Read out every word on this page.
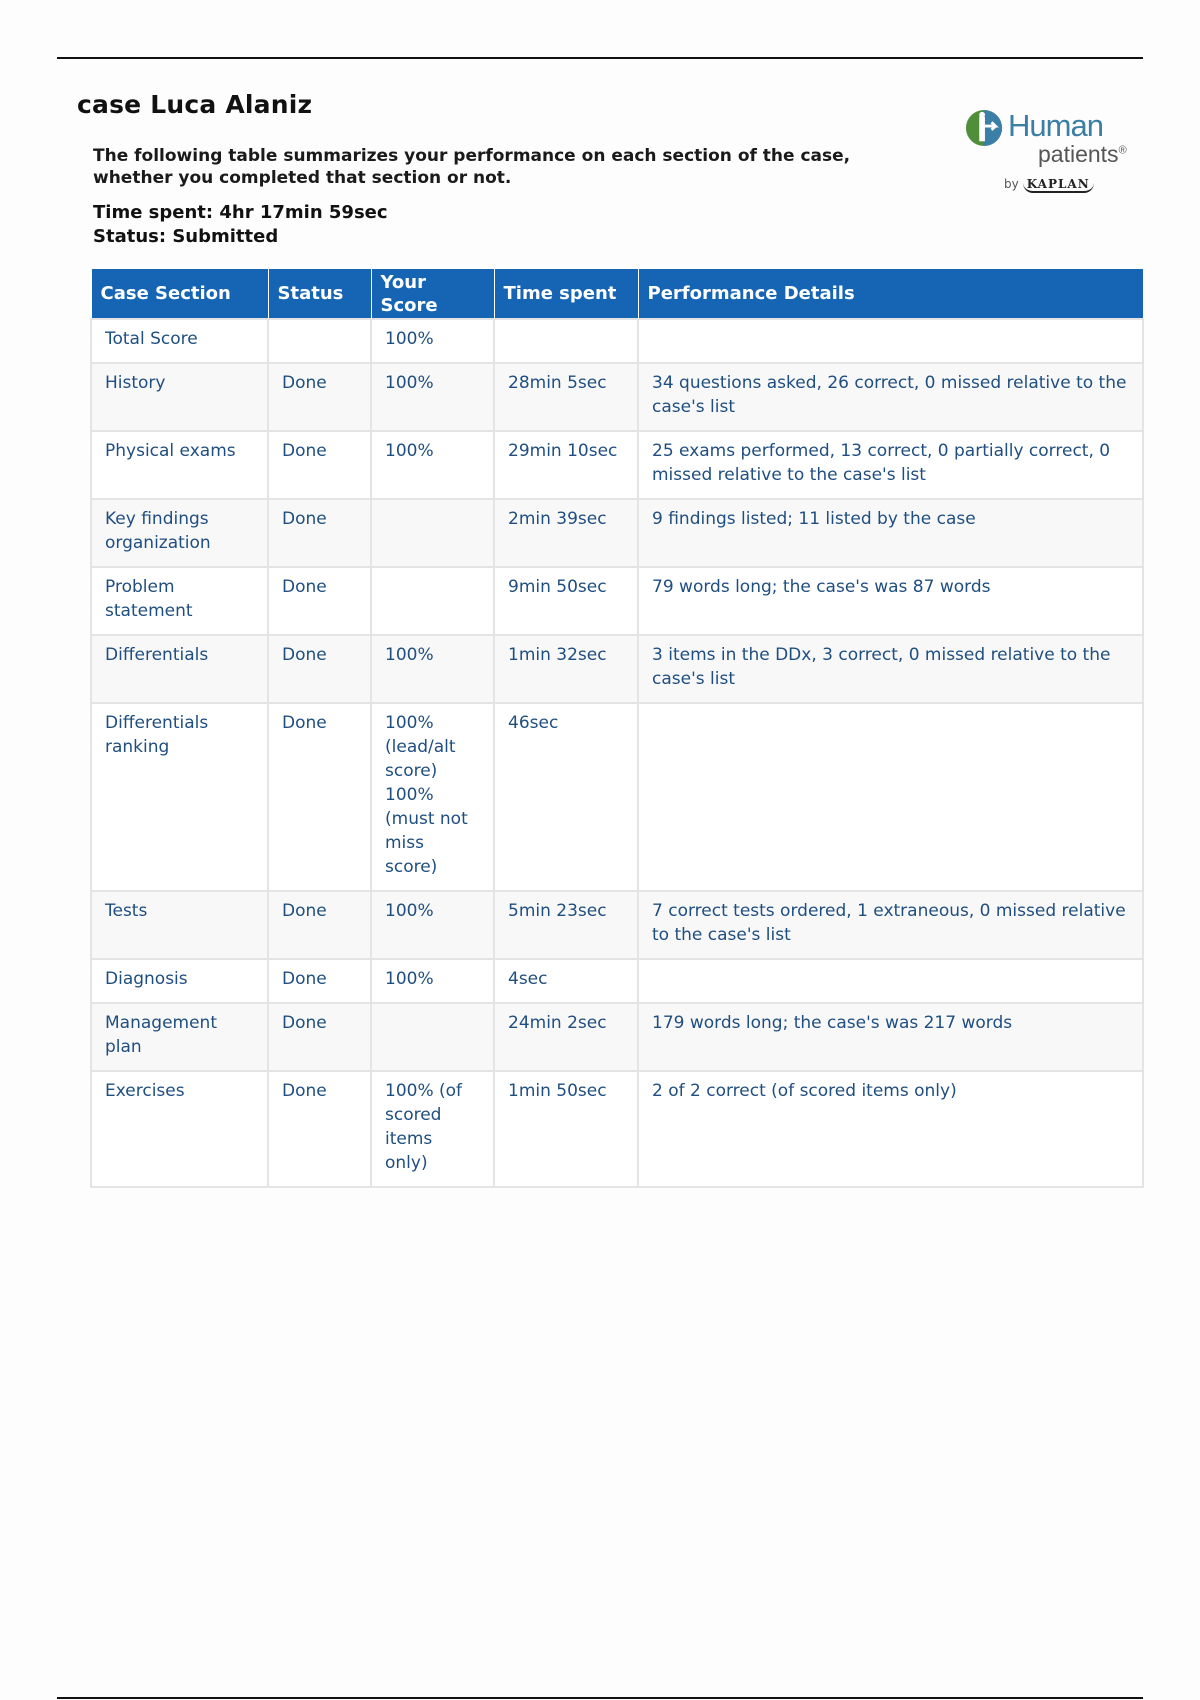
case Luca Alaniz

The following table summarizes your performance on each section of the case, whether you completed that section or not.

Time spent: 4hr 17min 59sec
Status: Submitted
Human
patients®
by KAPLAN
Case Section	Status	Your Score	Time spent	Performance Details
Total Score		100%		
History	Done	100%	28min 5sec	34 questions asked, 26 correct, 0 missed relative to the case's list
Physical exams	Done	100%	29min 10sec	25 exams performed, 13 correct, 0 partially correct, 0 missed relative to the case's list
Key findings organization	Done		2min 39sec	9 findings listed; 11 listed by the case
Problem statement	Done		9min 50sec	79 words long; the case's was 87 words
Differentials	Done	100%	1min 32sec	3 items in the DDx, 3 correct, 0 missed relative to the case's list
Differentials ranking	Done	100% (lead/alt score) 100% (must not miss score)	46sec	
Tests	Done	100%	5min 23sec	7 correct tests ordered, 1 extraneous, 0 missed relative to the case's list
Diagnosis	Done	100%	4sec	
Management plan	Done		24min 2sec	179 words long; the case's was 217 words
Exercises	Done	100% (of scored items only)	1min 50sec	2 of 2 correct (of scored items only)
